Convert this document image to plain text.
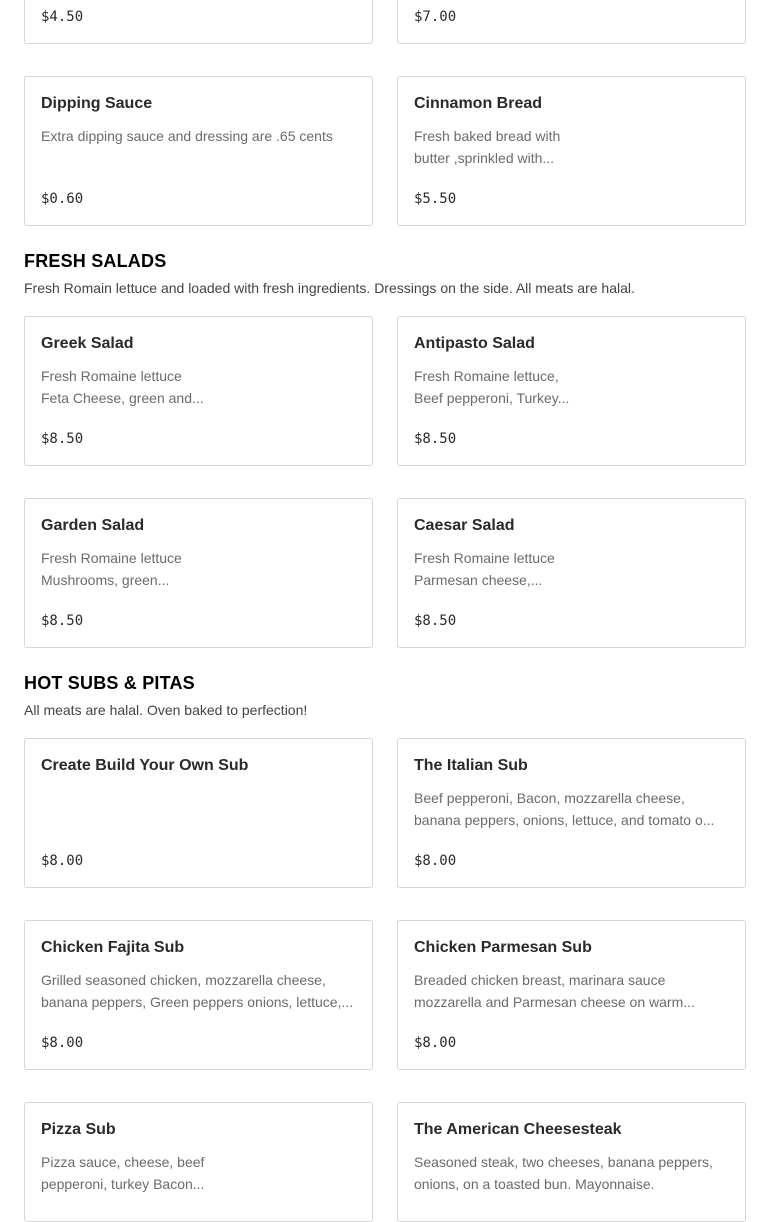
$4.50	$7.00
Dipping Sauce
Extra dipping sauce and dressing are .65 cents
$0.60
Cinnamon Bread
Fresh baked bread with
butter ,sprinkled with...
$5.50
FRESH SALADS

Fresh Romain lettuce and loaded with fresh ingredients. Dressings on the side. All meats are halal.

Greek Salad
Fresh Romaine lettuce
Feta Cheese, green and...
$8.50
Antipasto Salad
Fresh Romaine lettuce,
Beef pepperoni, Turkey...
$8.50
Garden Salad
Fresh Romaine lettuce
Mushrooms, green...
$8.50
Caesar Salad
Fresh Romaine lettuce
Parmesan cheese,...
$8.50
HOT SUBS & PITAS

All meats are halal. Oven baked to perfection!

Create Build Your Own Sub
$8.00
The Italian Sub
Beef pepperoni, Bacon, mozzarella cheese,
banana peppers, onions, lettuce, and tomato o...
$8.00
Chicken Fajita Sub
Grilled seasoned chicken, mozzarella cheese,
banana peppers, Green peppers onions, lettuce,...
$8.00
Chicken Parmesan Sub
Breaded chicken breast, marinara sauce
mozzarella and Parmesan cheese on warm...
$8.00
Pizza Sub
Pizza sauce, cheese, beef
pepperoni, turkey Bacon...
The American Cheesesteak
Seasoned steak, two cheeses, banana peppers,
onions, on a toasted bun. Mayonnaise.
